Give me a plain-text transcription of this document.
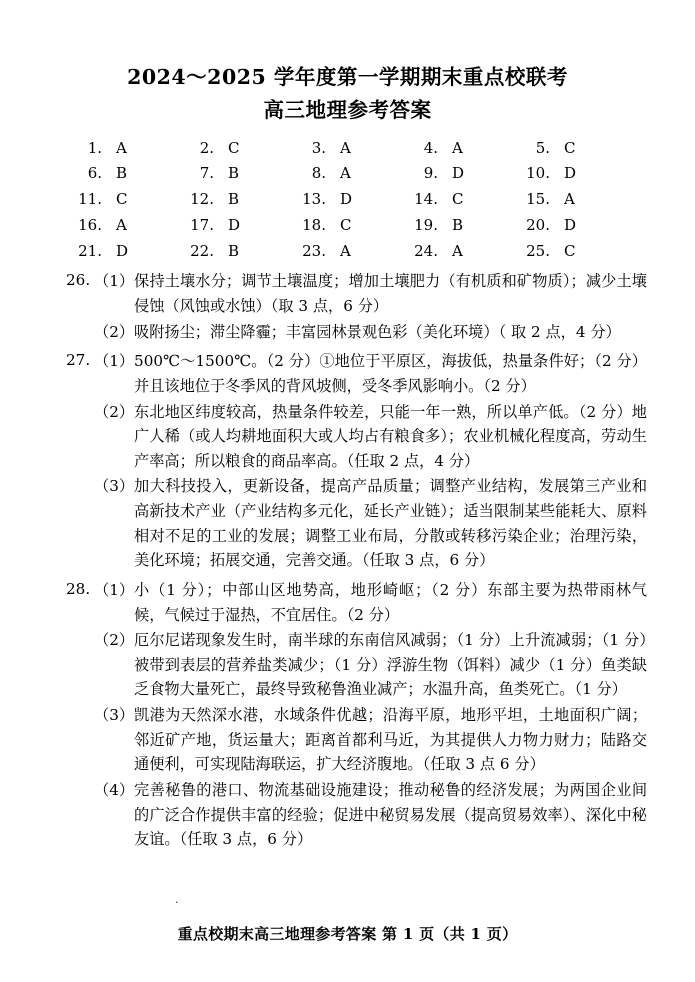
2024～2025 学年度第一学期期末重点校联考
高三地理参考答案
1. A	2. C	3. A	4. A	5. C
6. B	7. B	8. A	9. D	10. D
11. C	12. B	13. D	14. C	15. A
16. A	17. D	18. C	19. B	20. D
21. D	22. B	23. A	24. A	25. C
26. （1） 保持土壤水分；调节土壤温度；增加土壤肥力（有机质和矿物质）；减少土壤侵蚀（风蚀或水蚀）（取 3 点，6 分）
（2） 吸附扬尘；滞尘降霾；丰富园林景观色彩（美化环境）（ 取 2 点，4 分）
27. （1） 500℃～1500℃。（2 分）①地位于平原区，海拔低，热量条件好；（2 分）并且该地位于冬季风的背风坡侧，受冬季风影响小。（2 分）
（2） 东北地区纬度较高，热量条件较差，只能一年一熟，所以单产低。（2 分）地广人稀（或人均耕地面积大或人均占有粮食多）；农业机械化程度高，劳动生产率高；所以粮食的商品率高。（任取 2 点，4 分）
（3） 加大科技投入，更新设备，提高产品质量；调整产业结构，发展第三产业和高新技术产业（产业结构多元化，延长产业链）；适当限制某些能耗大、原料相对不足的工业的发展；调整工业布局，分散或转移污染企业；治理污染，美化环境；拓展交通，完善交通。（任取 3 点，6 分）
28. （1） 小（1 分）；中部山区地势高，地形崎岖；（2 分）东部主要为热带雨林气候，气候过于湿热，不宜居住。（2 分）
（2） 厄尔尼诺现象发生时，南半球的东南信风减弱；（1 分）上升流减弱；（1 分）被带到表层的营养盐类减少；（1 分）浮游生物（饵料）减少（1 分）鱼类缺乏食物大量死亡，最终导致秘鲁渔业减产；水温升高，鱼类死亡。（1 分）
（3） 凯港为天然深水港，水域条件优越；沿海平原，地形平坦，土地面积广阔；邻近矿产地，货运量大；距离首都利马近，为其提供人力物力财力；陆路交通便利，可实现陆海联运，扩大经济腹地。（任取 3 点 6 分）
（4） 完善秘鲁的港口、物流基础设施建设；推动秘鲁的经济发展；为两国企业间的广泛合作提供丰富的经验；促进中秘贸易发展（提高贸易效率）、深化中秘友谊。（任取 3 点，6 分）
.
重点校期末高三地理参考答案 第 1 页（共 1 页）
